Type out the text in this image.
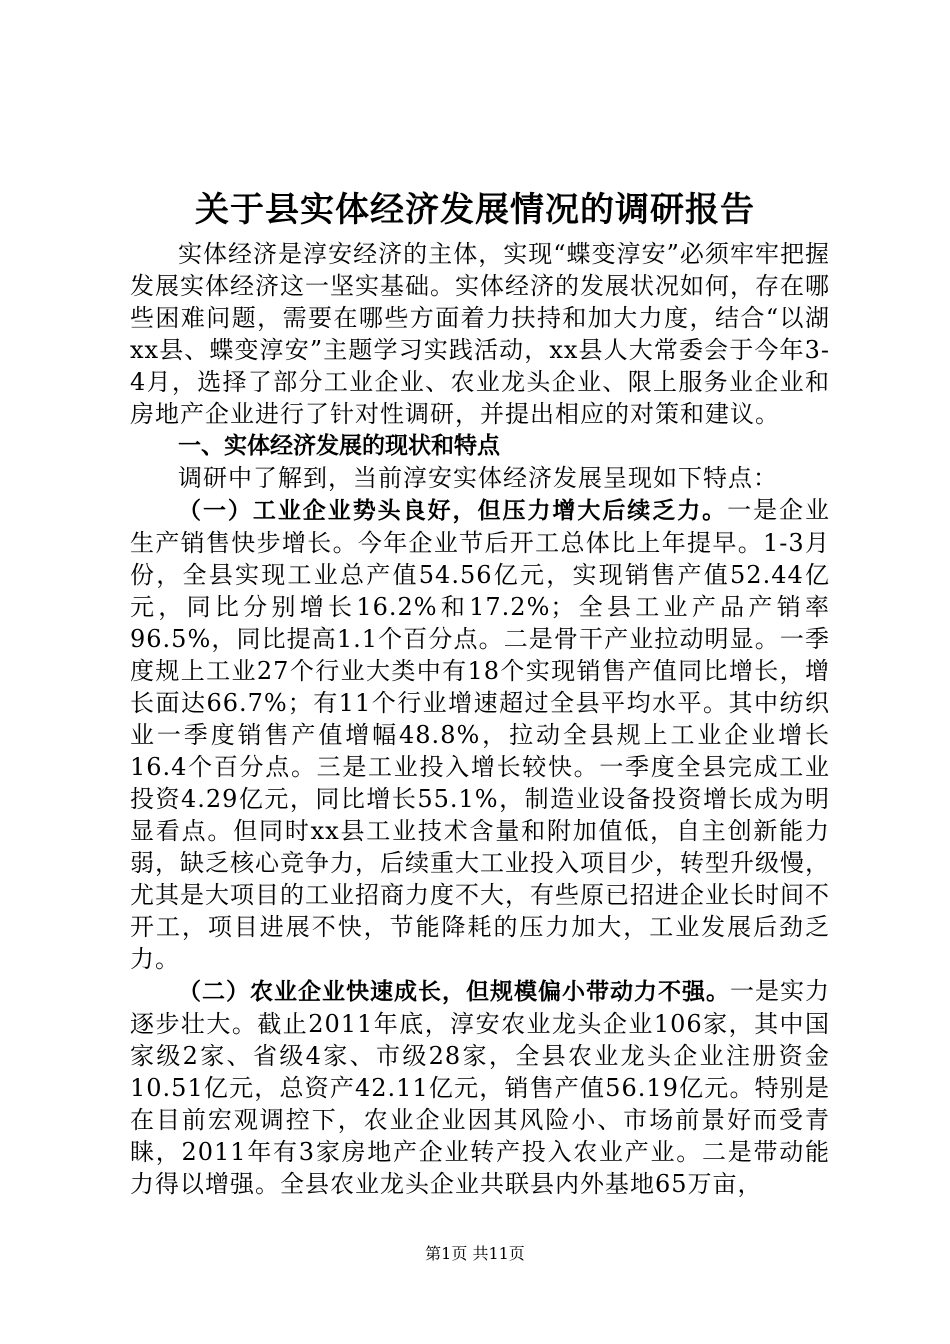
关于县实体经济发展情况的调研报告

实体经济是淳安经济的主体，实现“蝶变淳安”必须牢牢把握发展实体经济这一坚实基础。实体经济的发展状况如何，存在哪些困难问题，需要在哪些方面着力扶持和加大力度，结合“以湖xx县、蝶变淳安”主题学习实践活动，xx县人大常委会于今年3-4月，选择了部分工业企业、农业龙头企业、限上服务业企业和房地产企业进行了针对性调研，并提出相应的对策和建议。

一、实体经济发展的现状和特点

调研中了解到，当前淳安实体经济发展呈现如下特点：

（一）工业企业势头良好，但压力增大后续乏力。一是企业生产销售快步增长。今年企业节后开工总体比上年提早。1-3月份，全县实现工业总产值54.56亿元，实现销售产值52.44亿元，同比分别增长16.2%和17.2%；全县工业产品产销率96.5%，同比提高1.1个百分点。二是骨干产业拉动明显。一季度规上工业27个行业大类中有18个实现销售产值同比增长，增长面达66.7%；有11个行业增速超过全县平均水平。其中纺织业一季度销售产值增幅48.8%，拉动全县规上工业企业增长16.4个百分点。三是工业投入增长较快。一季度全县完成工业投资4.29亿元，同比增长55.1%，制造业设备投资增长成为明显看点。但同时xx县工业技术含量和附加值低，自主创新能力弱，缺乏核心竞争力，后续重大工业投入项目少，转型升级慢，尤其是大项目的工业招商力度不大，有些原已招进企业长时间不开工，项目进展不快，节能降耗的压力加大，工业发展后劲乏力。

（二）农业企业快速成长，但规模偏小带动力不强。一是实力逐步壮大。截止2011年底，淳安农业龙头企业106家，其中国家级2家、省级4家、市级28家，全县农业龙头企业注册资金10.51亿元，总资产42.11亿元，销售产值56.19亿元。特别是在目前宏观调控下，农业企业因其风险小、市场前景好而受青睐，2011年有3家房地产企业转产投入农业产业。二是带动能力得以增强。全县农业龙头企业共联县内外基地65万亩，

第1页 共11页
